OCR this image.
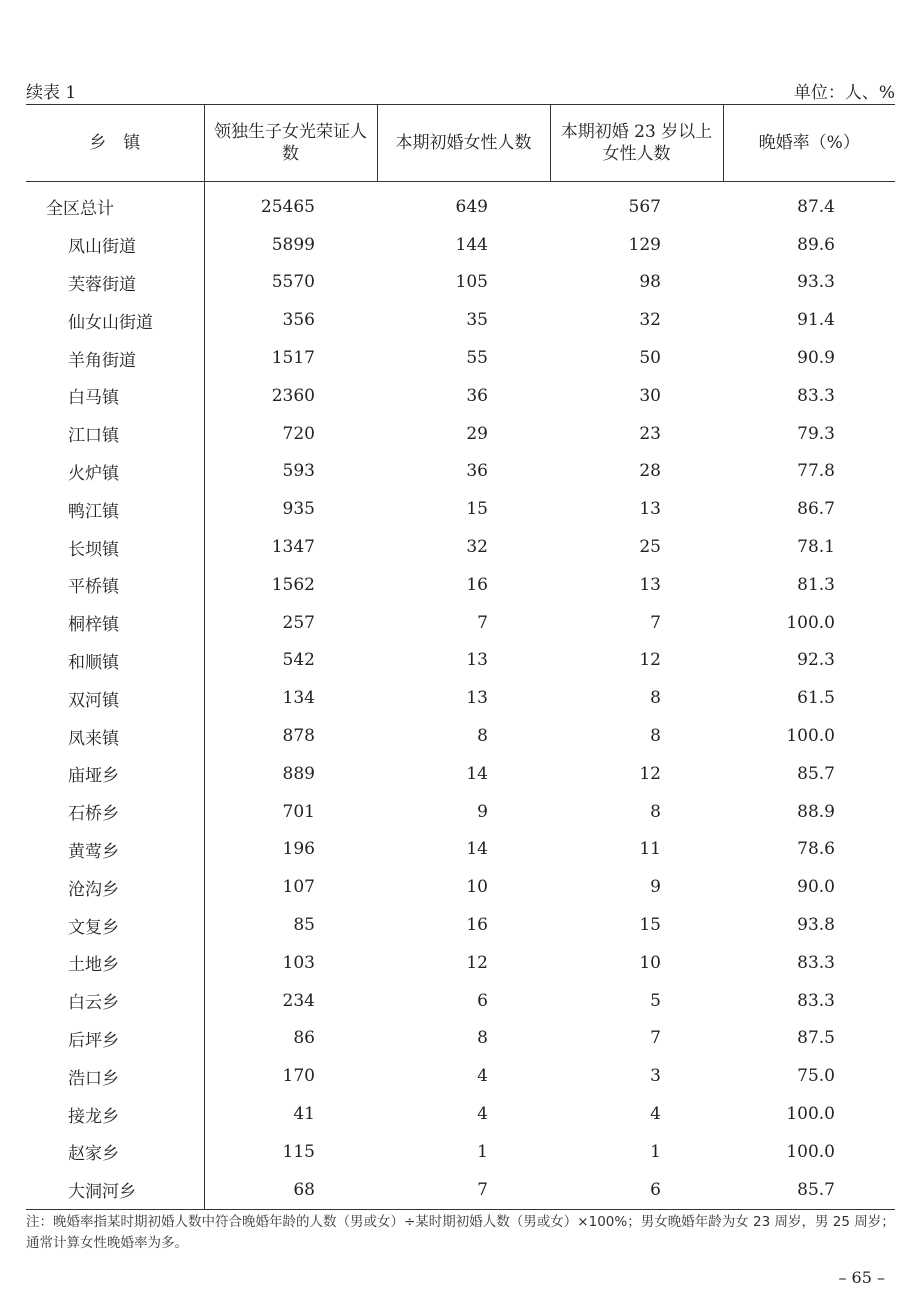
续表 1	单位：人、%
乡　镇	领独生子女光荣证人数	本期初婚女性人数	本期初婚 23 岁以上女性人数	晚婚率（%）
全区总计	25465	649	567	87.4
凤山街道	5899	144	129	89.6
芙蓉街道	5570	105	98	93.3
仙女山街道	356	35	32	91.4
羊角街道	1517	55	50	90.9
白马镇	2360	36	30	83.3
江口镇	720	29	23	79.3
火炉镇	593	36	28	77.8
鸭江镇	935	15	13	86.7
长坝镇	1347	32	25	78.1
平桥镇	1562	16	13	81.3
桐梓镇	257	7	7	100.0
和顺镇	542	13	12	92.3
双河镇	134	13	8	61.5
凤来镇	878	8	8	100.0
庙垭乡	889	14	12	85.7
石桥乡	701	9	8	88.9
黄莺乡	196	14	11	78.6
沧沟乡	107	10	9	90.0
文复乡	85	16	15	93.8
土地乡	103	12	10	83.3
白云乡	234	6	5	83.3
后坪乡	86	8	7	87.5
浩口乡	170	4	3	75.0
接龙乡	41	4	4	100.0
赵家乡	115	1	1	100.0
大洞河乡	68	7	6	85.7
注：晚婚率指某时期初婚人数中符合晚婚年龄的人数（男或女）÷某时期初婚人数（男或女）×100%；男女晚婚年龄为女 23 周岁，男 25 周岁；通常计算女性晚婚率为多。
– 65 –
